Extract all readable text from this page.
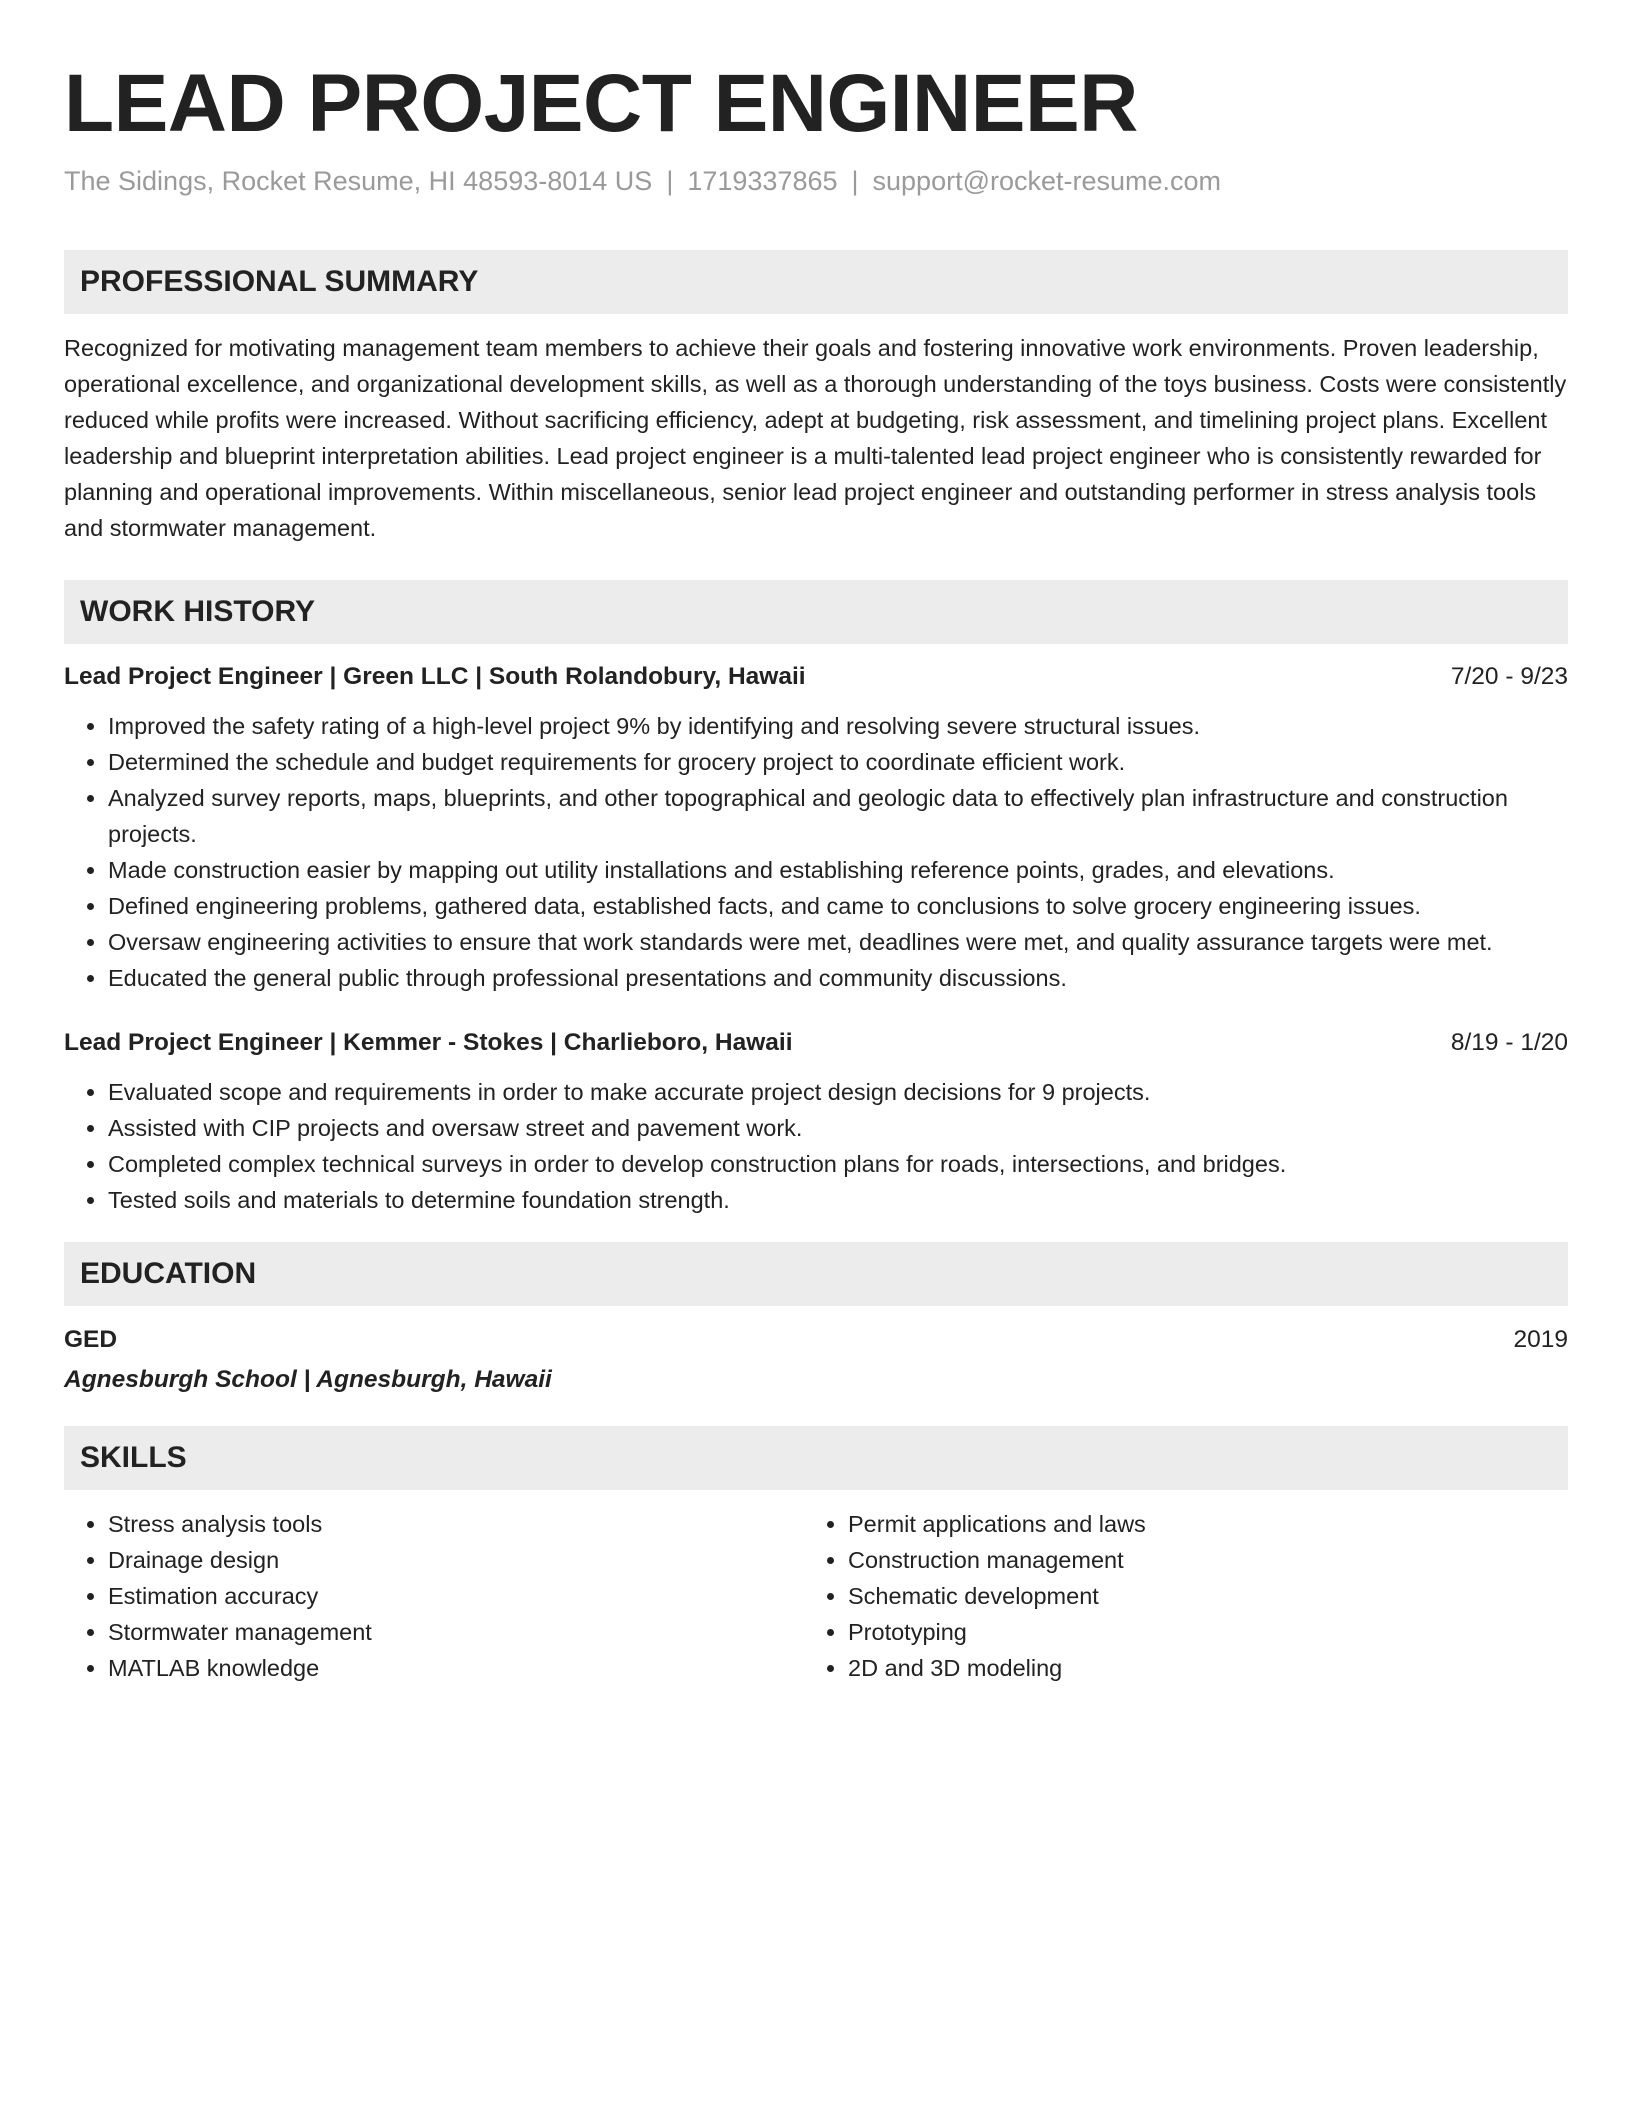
LEAD PROJECT ENGINEER
The Sidings, Rocket Resume, HI 48593-8014 US | 1719337865 | support@rocket-resume.com
PROFESSIONAL SUMMARY
Recognized for motivating management team members to achieve their goals and fostering innovative work environments. Proven leadership, operational excellence, and organizational development skills, as well as a thorough understanding of the toys business. Costs were consistently reduced while profits were increased. Without sacrificing efficiency, adept at budgeting, risk assessment, and timelining project plans. Excellent leadership and blueprint interpretation abilities. Lead project engineer is a multi-talented lead project engineer who is consistently rewarded for planning and operational improvements. Within miscellaneous, senior lead project engineer and outstanding performer in stress analysis tools and stormwater management.
WORK HISTORY
Lead Project Engineer | Green LLC | South Rolandobury, Hawaii	7/20 - 9/23
• Improved the safety rating of a high-level project 9% by identifying and resolving severe structural issues.
• Determined the schedule and budget requirements for grocery project to coordinate efficient work.
• Analyzed survey reports, maps, blueprints, and other topographical and geologic data to effectively plan infrastructure and construction projects.
• Made construction easier by mapping out utility installations and establishing reference points, grades, and elevations.
• Defined engineering problems, gathered data, established facts, and came to conclusions to solve grocery engineering issues.
• Oversaw engineering activities to ensure that work standards were met, deadlines were met, and quality assurance targets were met.
• Educated the general public through professional presentations and community discussions.
Lead Project Engineer | Kemmer - Stokes | Charlieboro, Hawaii	8/19 - 1/20
• Evaluated scope and requirements in order to make accurate project design decisions for 9 projects.
• Assisted with CIP projects and oversaw street and pavement work.
• Completed complex technical surveys in order to develop construction plans for roads, intersections, and bridges.
• Tested soils and materials to determine foundation strength.
EDUCATION
GED	2019
Agnesburgh School | Agnesburgh, Hawaii
SKILLS
• Stress analysis tools
• Drainage design
• Estimation accuracy
• Stormwater management
• MATLAB knowledge
• Permit applications and laws
• Construction management
• Schematic development
• Prototyping
• 2D and 3D modeling
